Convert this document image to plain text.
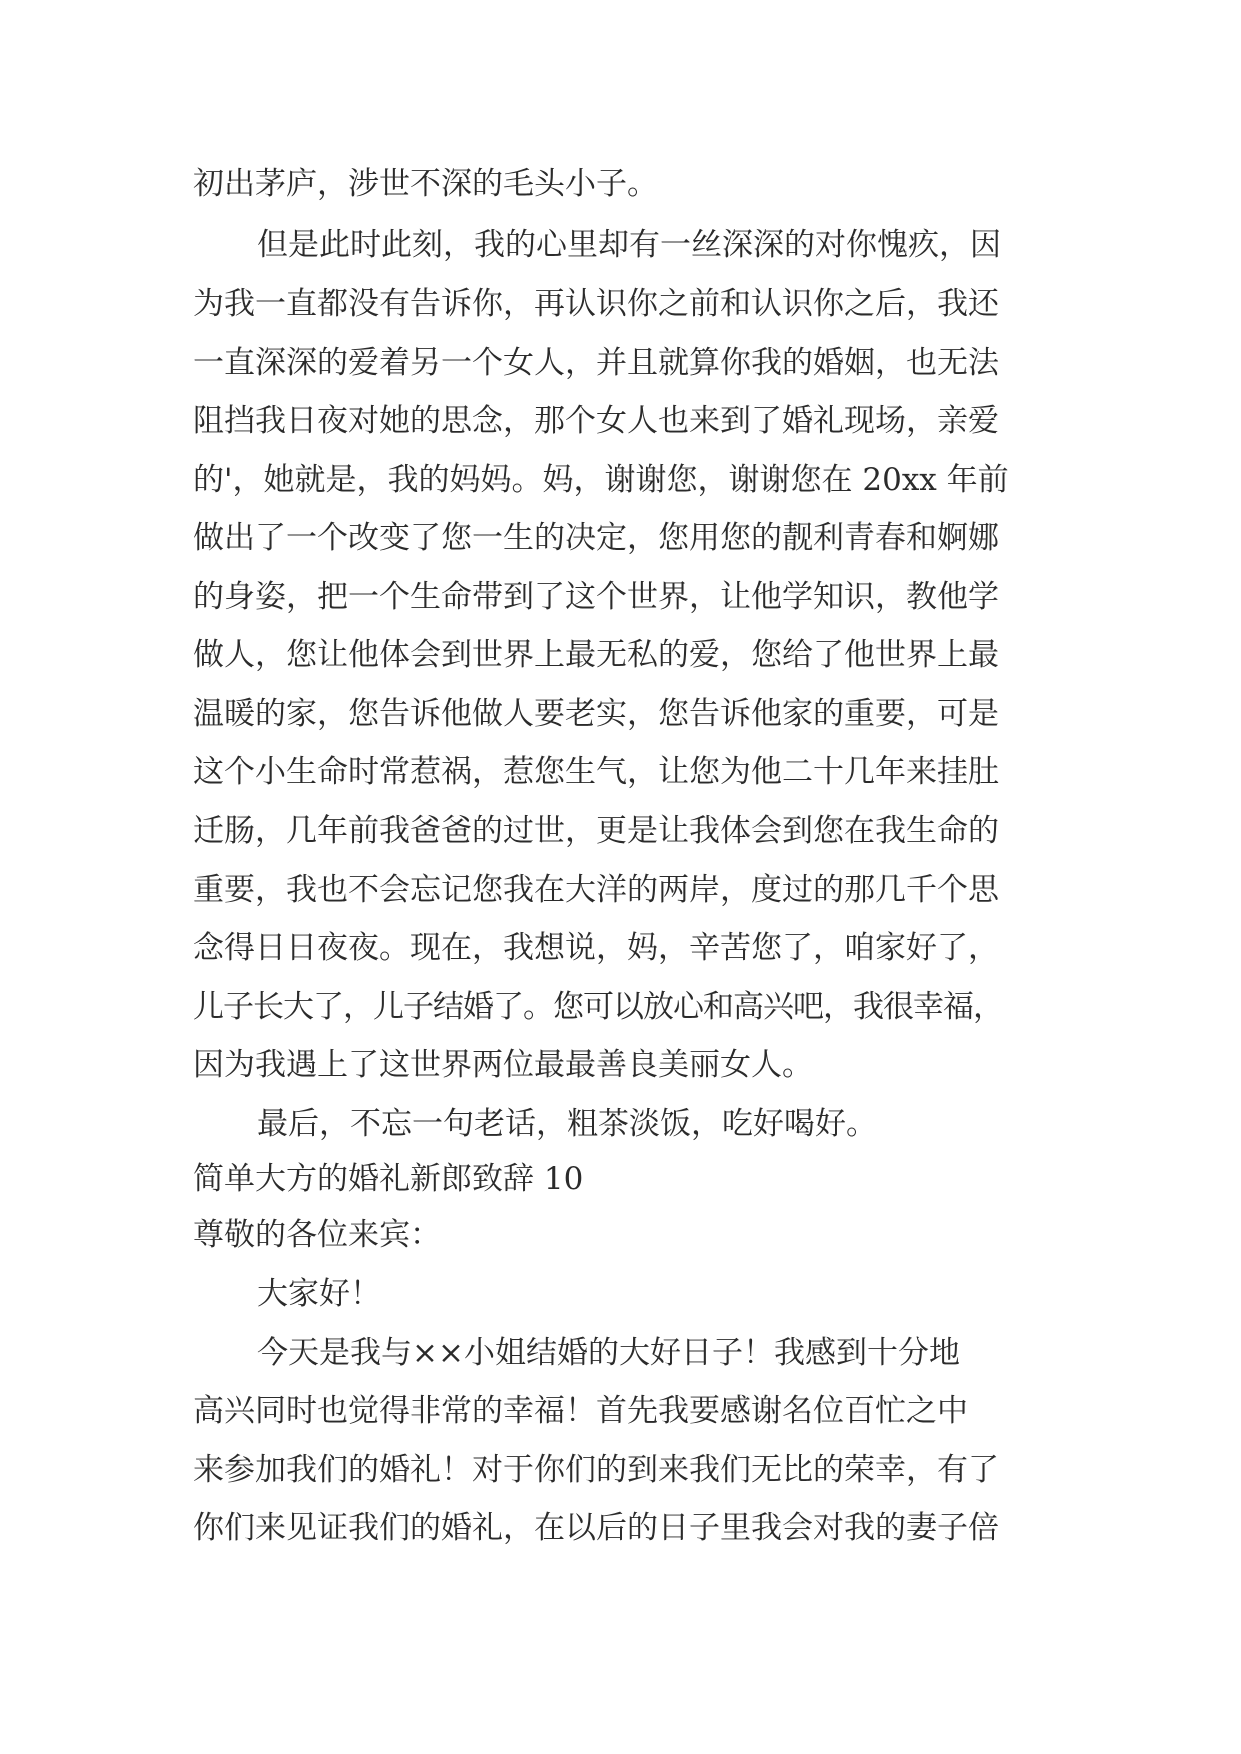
初出茅庐，涉世不深的毛头小子。
但是此时此刻，我的心里却有一丝深深的对你愧疚，因
为我一直都没有告诉你，再认识你之前和认识你之后，我还
一直深深的爱着另一个女人，并且就算你我的婚姻，也无法
阻挡我日夜对她的思念，那个女人也来到了婚礼现场，亲爱
的'，她就是，我的妈妈。妈，谢谢您，谢谢您在 20xx 年前
做出了一个改变了您一生的决定，您用您的靓利青春和婀娜
的身姿，把一个生命带到了这个世界，让他学知识，教他学
做人，您让他体会到世界上最无私的爱，您给了他世界上最
温暖的家，您告诉他做人要老实，您告诉他家的重要，可是
这个小生命时常惹祸，惹您生气，让您为他二十几年来挂肚
迁肠，几年前我爸爸的过世，更是让我体会到您在我生命的
重要，我也不会忘记您我在大洋的两岸，度过的那几千个思
念得日日夜夜。现在，我想说，妈，辛苦您了，咱家好了，
儿子长大了，儿子结婚了。您可以放心和高兴吧，我很幸福，
因为我遇上了这世界两位最最善良美丽女人。
最后，不忘一句老话，粗茶淡饭，吃好喝好。
简单大方的婚礼新郎致辞 10
尊敬的各位来宾：
大家好！
今天是我与××小姐结婚的大好日子！我感到十分地
高兴同时也觉得非常的幸福！首先我要感谢名位百忙之中
来参加我们的婚礼！对于你们的到来我们无比的荣幸，有了
你们来见证我们的婚礼，在以后的日子里我会对我的妻子倍
